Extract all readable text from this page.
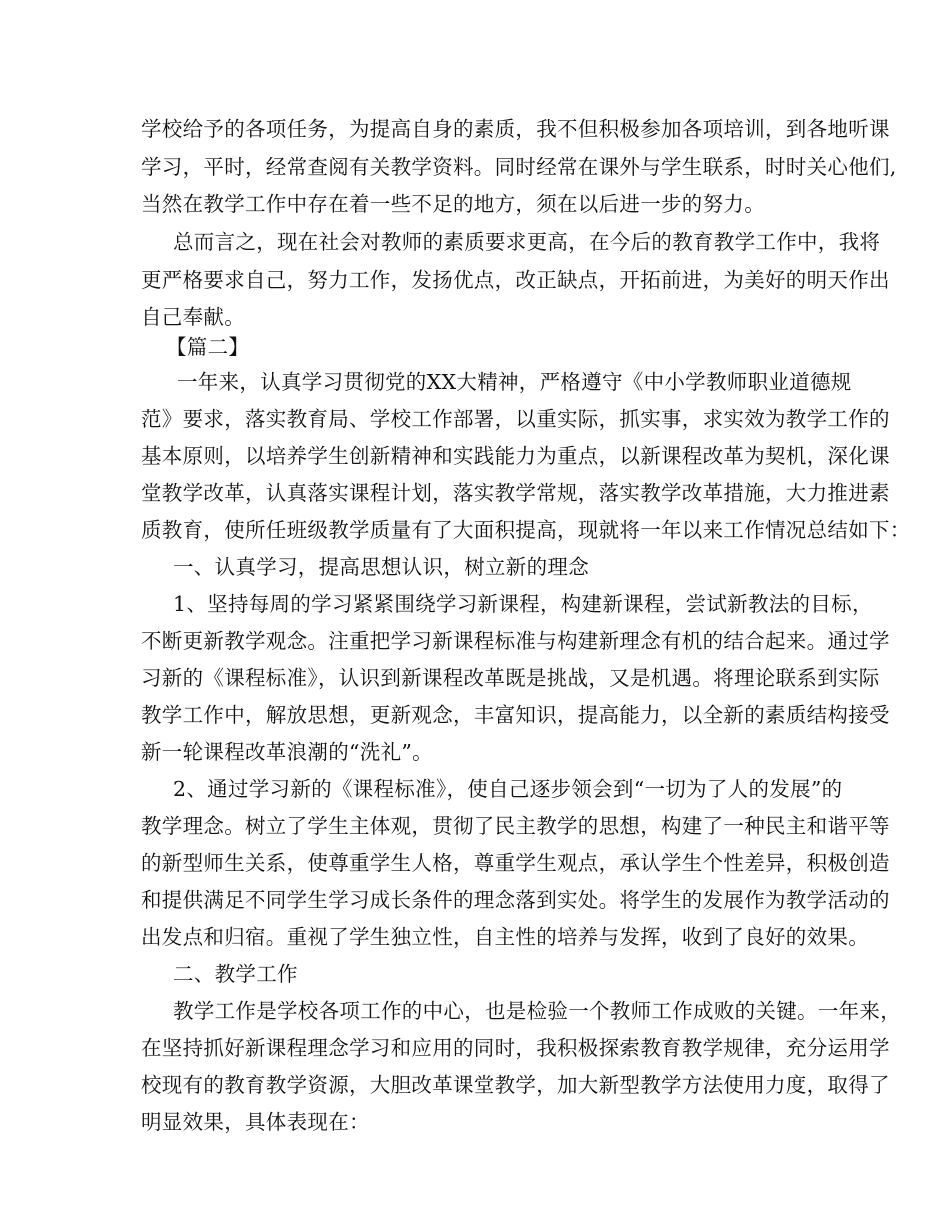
学校给予的各项任务，为提高自身的素质，我不但积极参加各项培训，到各地听课
学习，平时，经常查阅有关教学资料。同时经常在课外与学生联系，时时关心他们,
当然在教学工作中存在着一些不足的地方，须在以后进一步的努力。
总而言之，现在社会对教师的素质要求更高，在今后的教育教学工作中，我将
更严格要求自己，努力工作，发扬优点，改正缺点，开拓前进，为美好的明天作出
自己奉献。
【篇二】
一年来，认真学习贯彻党的XX大精神，严格遵守《中小学教师职业道德规
范》要求，落实教育局、学校工作部署，以重实际，抓实事，求实效为教学工作的
基本原则，以培养学生创新精神和实践能力为重点，以新课程改革为契机，深化课
堂教学改革，认真落实课程计划，落实教学常规，落实教学改革措施，大力推进素
质教育，使所任班级教学质量有了大面积提高，现就将一年以来工作情况总结如下：
一、认真学习，提高思想认识，树立新的理念
1、坚持每周的学习紧紧围绕学习新课程，构建新课程，尝试新教法的目标，
不断更新教学观念。注重把学习新课程标准与构建新理念有机的结合起来。通过学
习新的《课程标准》，认识到新课程改革既是挑战，又是机遇。将理论联系到实际
教学工作中，解放思想，更新观念，丰富知识，提高能力，以全新的素质结构接受
新一轮课程改革浪潮的“洗礼”。
2、通过学习新的《课程标准》，使自己逐步领会到“一切为了人的发展”的
教学理念。树立了学生主体观，贯彻了民主教学的思想，构建了一种民主和谐平等
的新型师生关系，使尊重学生人格，尊重学生观点，承认学生个性差异，积极创造
和提供满足不同学生学习成长条件的理念落到实处。将学生的发展作为教学活动的
出发点和归宿。重视了学生独立性，自主性的培养与发挥，收到了良好的效果。
二、教学工作
教学工作是学校各项工作的中心，也是检验一个教师工作成败的关键。一年来，
在坚持抓好新课程理念学习和应用的同时，我积极探索教育教学规律，充分运用学
校现有的教育教学资源，大胆改革课堂教学，加大新型教学方法使用力度，取得了
明显效果，具体表现在：
